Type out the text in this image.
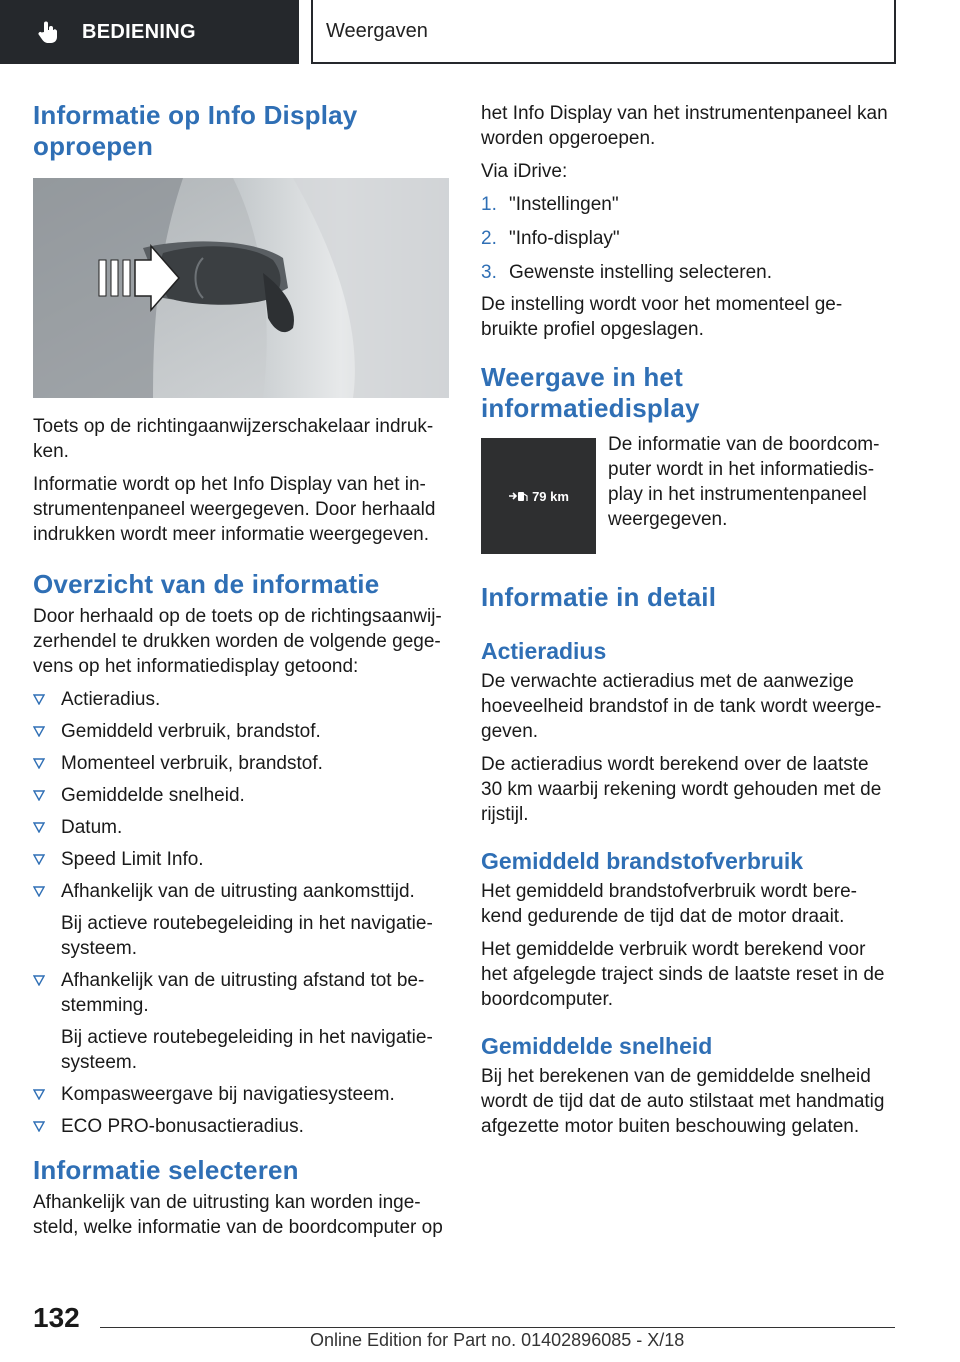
BEDIENING	Weergaven
Informatie op Info Display oproepen

Toets op de richtingaanwijzerschakelaar indruk-ken.

Informatie wordt op het Info Display van het in-strumentenpaneel weergegeven. Door herhaald indrukken wordt meer informatie weergegeven.

Overzicht van de informatie

Door herhaald op de toets op de richtingsaanwij-zerhendel te drukken worden de volgende gege-vens op het informatiedisplay getoond:

Actieradius.
Gemiddeld verbruik, brandstof.
Momenteel verbruik, brandstof.
Gemiddelde snelheid.
Datum.
Speed Limit Info.
Afhankelijk van de uitrusting aankomsttijd.
Bij actieve routebegeleiding in het navigatie-systeem.
Afhankelijk van de uitrusting afstand tot be-stemming.
Bij actieve routebegeleiding in het navigatie-systeem.
Kompasweergave bij navigatiesysteem.
ECO PRO-bonusactieradius.
Informatie selecteren

Afhankelijk van de uitrusting kan worden inge-steld, welke informatie van de boordcomputer op

het Info Display van het instrumentenpaneel kan worden opgeroepen.

Via iDrive:

1. "Instellingen"
2. "Info-display"
3. Gewenste instelling selecteren.

De instelling wordt voor het momenteel ge-bruikte profiel opgeslagen.

Weergave in het informatiedisplay
79 km

De informatie van de boordcom-puter wordt in het informatiedis-play in het instrumentenpaneel weergegeven.

Informatie in detail
Actieradius

De verwachte actieradius met de aanwezige hoeveelheid brandstof in de tank wordt weerge-geven.

De actieradius wordt berekend over de laatste 30 km waarbij rekening wordt gehouden met de rijstijl.

Gemiddeld brandstofverbruik

Het gemiddeld brandstofverbruik wordt bere-kend gedurende de tijd dat de motor draait.

Het gemiddelde verbruik wordt berekend voor het afgelegde traject sinds de laatste reset in de boordcomputer.

Gemiddelde snelheid

Bij het berekenen van de gemiddelde snelheid wordt de tijd dat de auto stilstaat met handmatig afgezette motor buiten beschouwing gelaten.

132
Online Edition for Part no. 01402896085 - X/18
